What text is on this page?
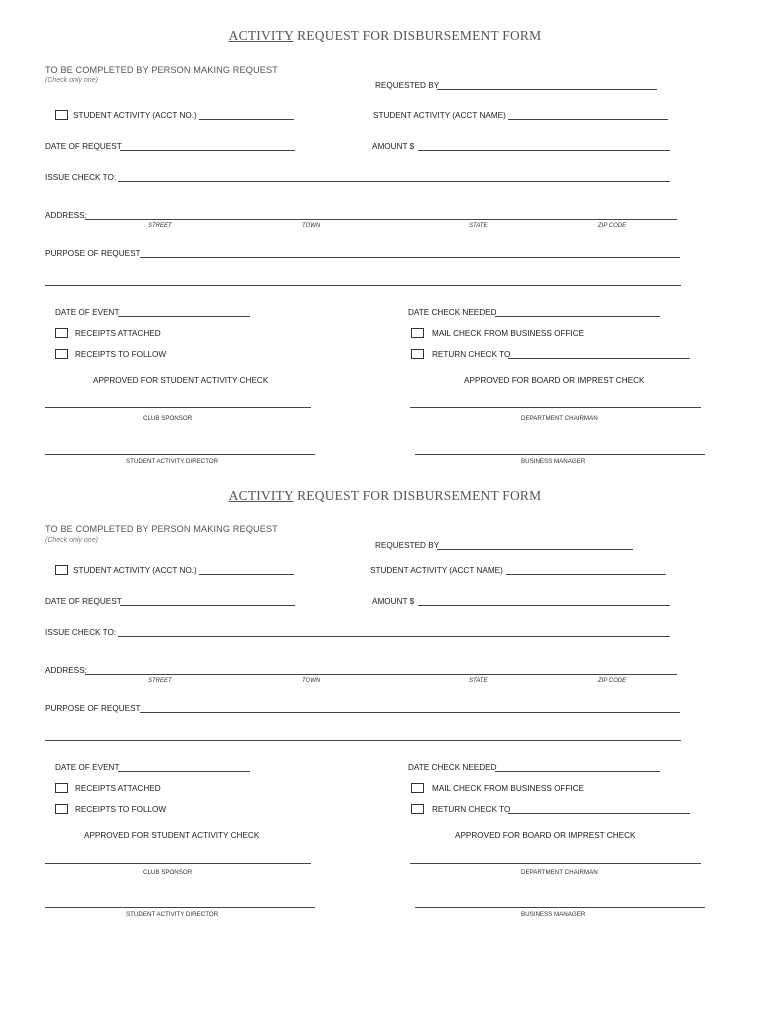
ACTIVITY REQUEST FOR DISBURSEMENT FORM
TO BE COMPLETED BY PERSON MAKING REQUEST
(Check only one)
REQUESTED BY
STUDENT ACTIVITY (ACCT NO.)	STUDENT ACTIVITY (ACCT NAME)
DATE OF REQUEST	AMOUNT $
ISSUE CHECK TO:
ADDRESS:
STREET	TOWN	STATE	ZIP CODE
PURPOSE OF REQUEST
DATE OF EVENT	DATE CHECK NEEDED
RECEIPTS ATTACHED	MAIL CHECK FROM BUSINESS OFFICE
RECEIPTS TO FOLLOW	RETURN CHECK TO
APPROVED FOR STUDENT ACTIVITY CHECK	APPROVED FOR BOARD OR IMPREST CHECK
CLUB SPONSOR	DEPARTMENT CHAIRMAN
STUDENT ACTIVITY DIRECTOR	BUSINESS MANAGER
ACTIVITY REQUEST FOR DISBURSEMENT FORM
TO BE COMPLETED BY PERSON MAKING REQUEST
(Check only one)
REQUESTED BY
STUDENT ACTIVITY (ACCT NO.)	STUDENT ACTIVITY (ACCT NAME)
DATE OF REQUEST	AMOUNT $
ISSUE CHECK TO:
ADDRESS:
STREET	TOWN	STATE	ZIP CODE
PURPOSE OF REQUEST
DATE OF EVENT	DATE CHECK NEEDED
RECEIPTS ATTACHED	MAIL CHECK FROM BUSINESS OFFICE
RECEIPTS TO FOLLOW	RETURN CHECK TO
APPROVED FOR STUDENT ACTIVITY CHECK	APPROVED FOR BOARD OR IMPREST CHECK
CLUB SPONSOR	DEPARTMENT CHAIRMAN
STUDENT ACTIVITY DIRECTOR	BUSINESS MANAGER
